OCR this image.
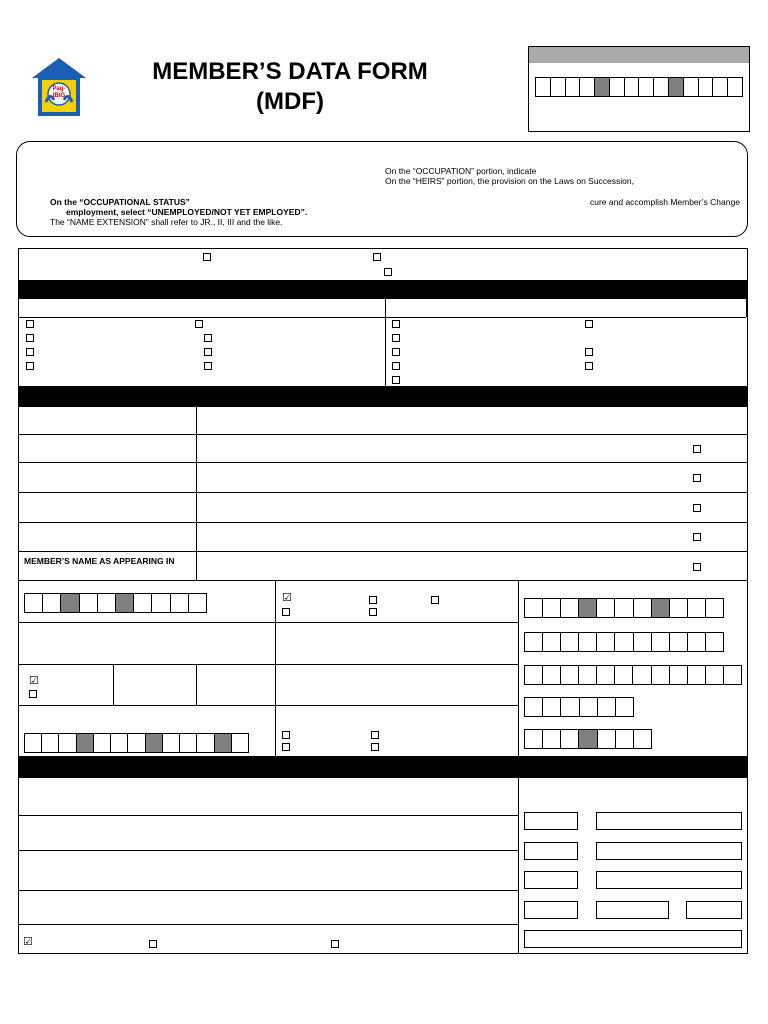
Pag-
IBIG
MEMBER’S DATA FORM
(MDF)
On the “OCCUPATION” portion, indicate
On the “HEIRS” portion, the provision on the Laws on Succession,
cure and accomplish Member’s Change
On the “OCCUPATIONAL STATUS”
employment, select “UNEMPLOYED/NOT YET EMPLOYED”.
The “NAME EXTENSION” shall refer to JR., II, III and the like.
MEMBER’S NAME AS APPEARING IN
☑
☑
☑
